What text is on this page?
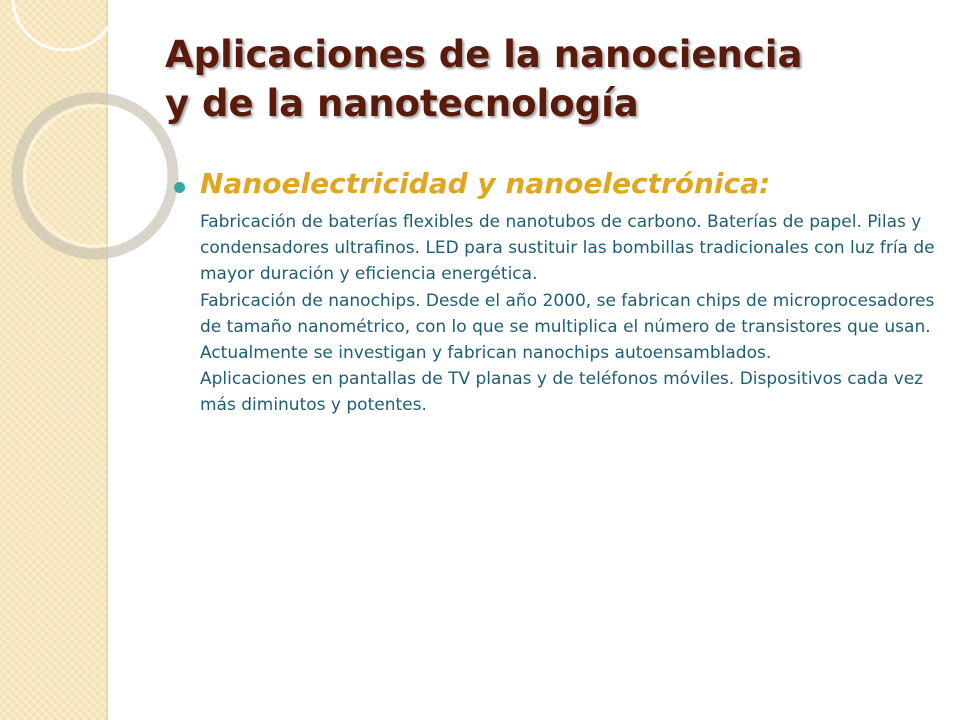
Aplicaciones de la nanociencia
y de la nanotecnología
Nanoelectricidad y nanoelectrónica:
Fabricación de baterías flexibles de nanotubos de carbono. Baterías de papel. Pilas y condensadores ultrafinos. LED para sustituir las bombillas tradicionales con luz fría de mayor duración y eficiencia energética.
Fabricación de nanochips. Desde el año 2000, se fabrican chips de microprocesadores de tamaño nanométrico, con lo que se multiplica el número de transistores que usan. Actualmente se investigan y fabrican nanochips autoensamblados.
Aplicaciones en pantallas de TV planas y de teléfonos móviles. Dispositivos cada vez más diminutos y potentes.
